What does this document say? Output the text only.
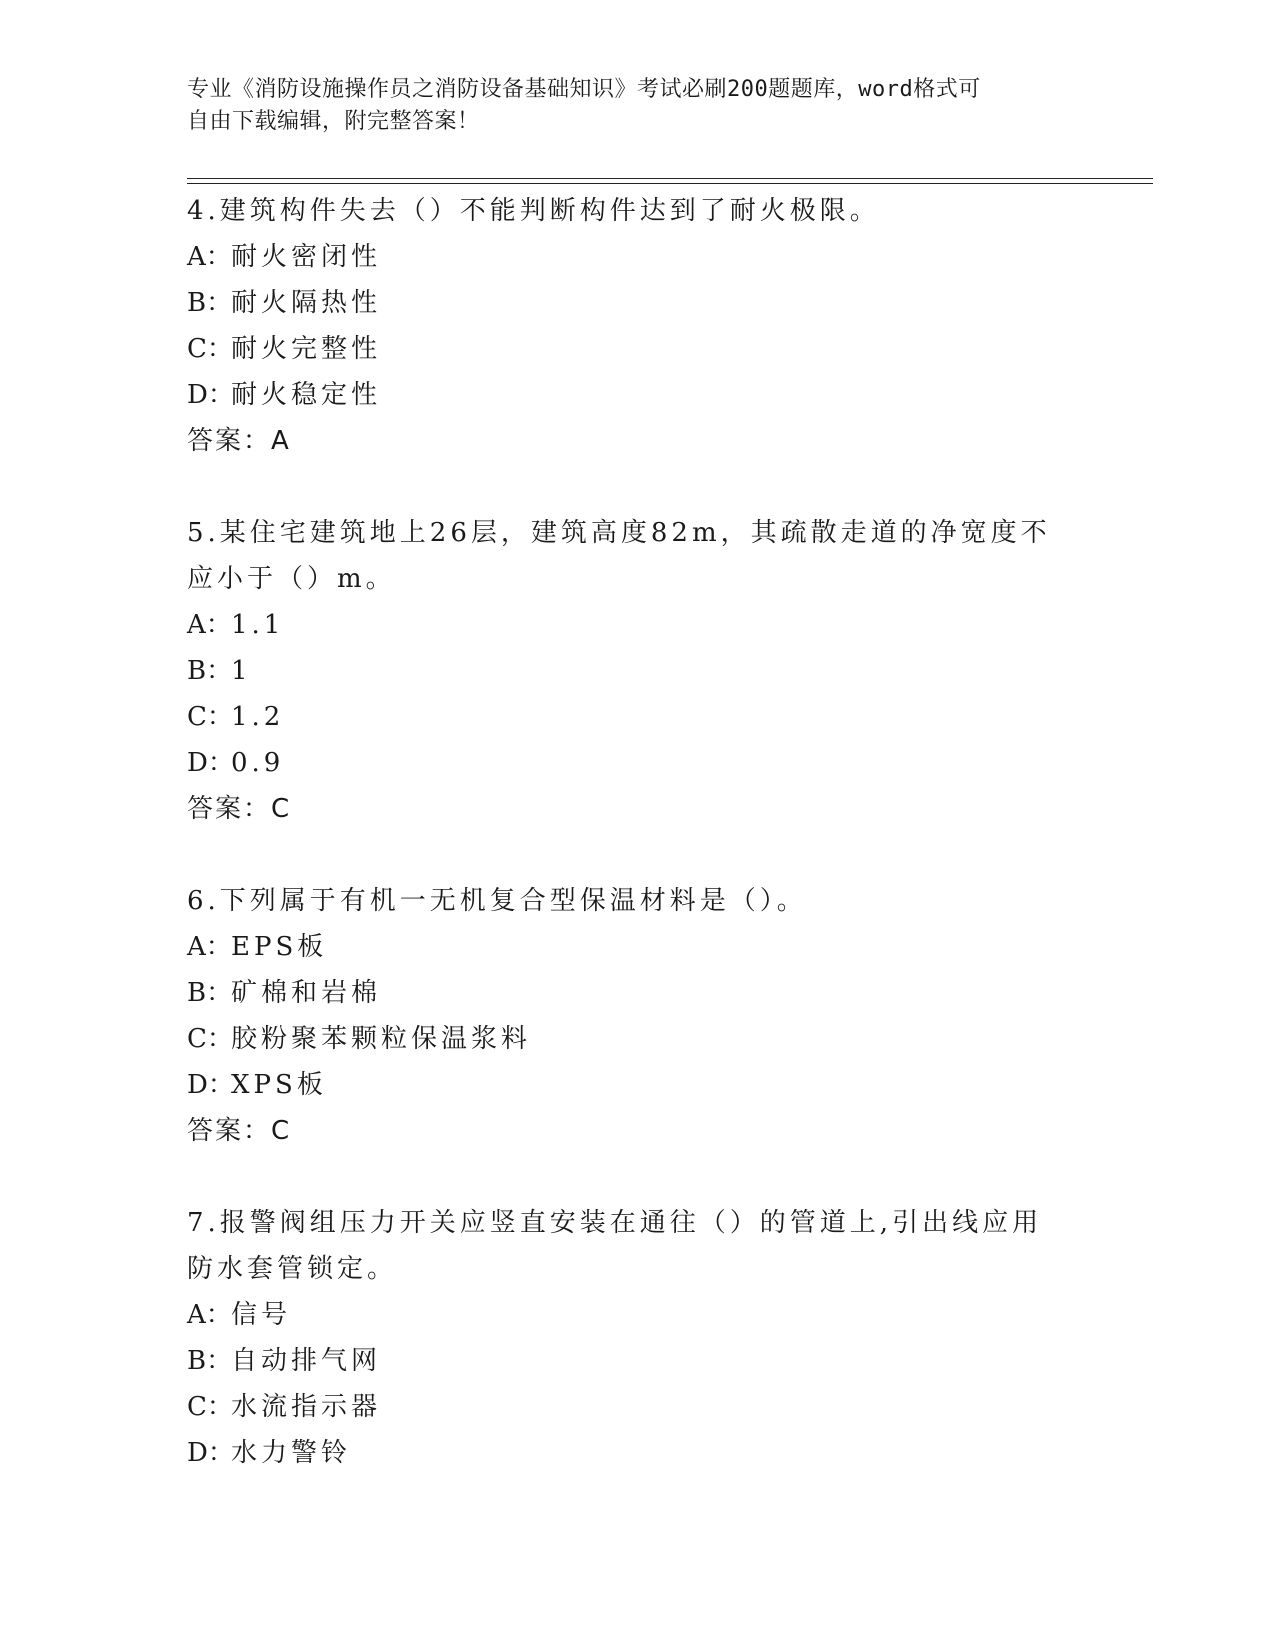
专业《消防设施操作员之消防设备基础知识》考试必刷200题题库，word格式可
自由下载编辑，附完整答案！
4.建筑构件失去（）不能判断构件达到了耐火极限。
A：耐火密闭性
B：耐火隔热性
C：耐火完整性
D：耐火稳定性
答案：A
5.某住宅建筑地上26层，建筑高度82m，其疏散走道的净宽度不应小于（）m。
A：1.1
B：1
C：1.2
D：0.9
答案：C
6.下列属于有机一无机复合型保温材料是（）。
A：EPS板
B：矿棉和岩棉
C：胶粉聚苯颗粒保温浆料
D：XPS板
答案：C
7.报警阀组压力开关应竖直安装在通往（）的管道上,引出线应用防水套管锁定。
A：信号
B：自动排气网
C：水流指示器
D：水力警铃
